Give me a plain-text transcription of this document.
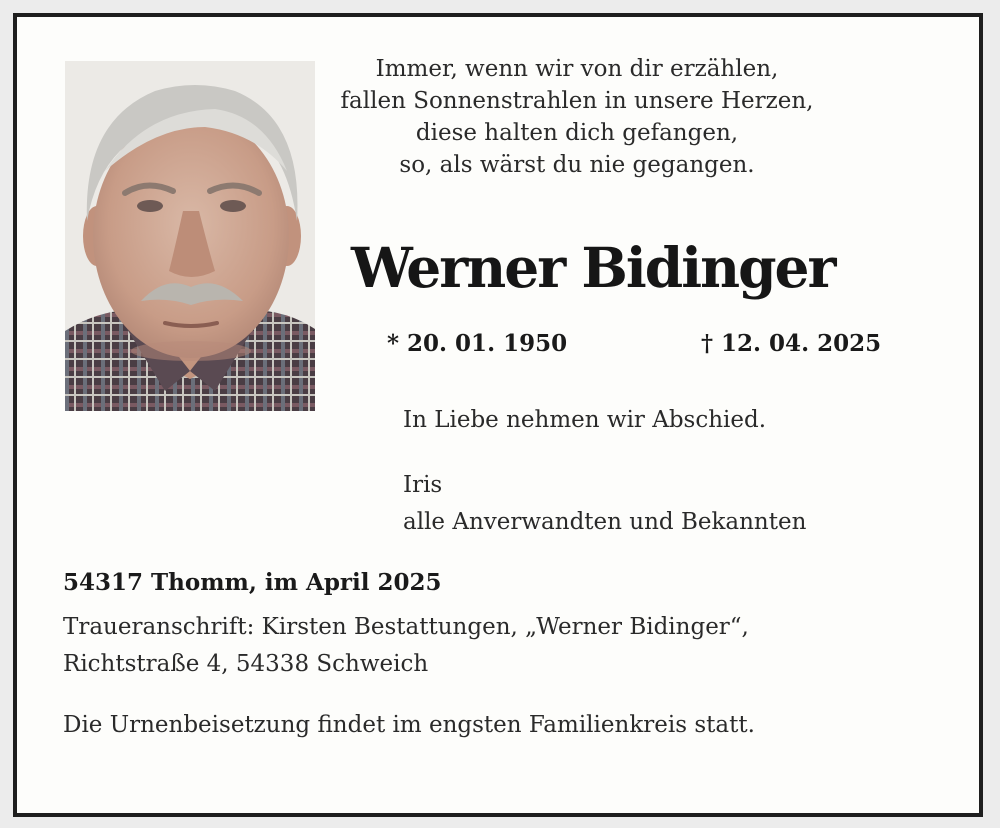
Immer, wenn wir von dir erzählen,
fallen Sonnenstrahlen in unsere Herzen,
diese halten dich gefangen,
so, als wärst du nie gegangen.
Werner Bidinger
* 20. 01. 1950	† 12. 04. 2025
In Liebe nehmen wir Abschied.
Iris
alle Anverwandten und Bekannten
54317 Thomm, im April 2025
Traueranschrift: Kirsten Bestattungen, „Werner Bidinger“,
Richtstraße 4, 54338 Schweich
Die Urnenbeisetzung findet im engsten Familienkreis statt.
